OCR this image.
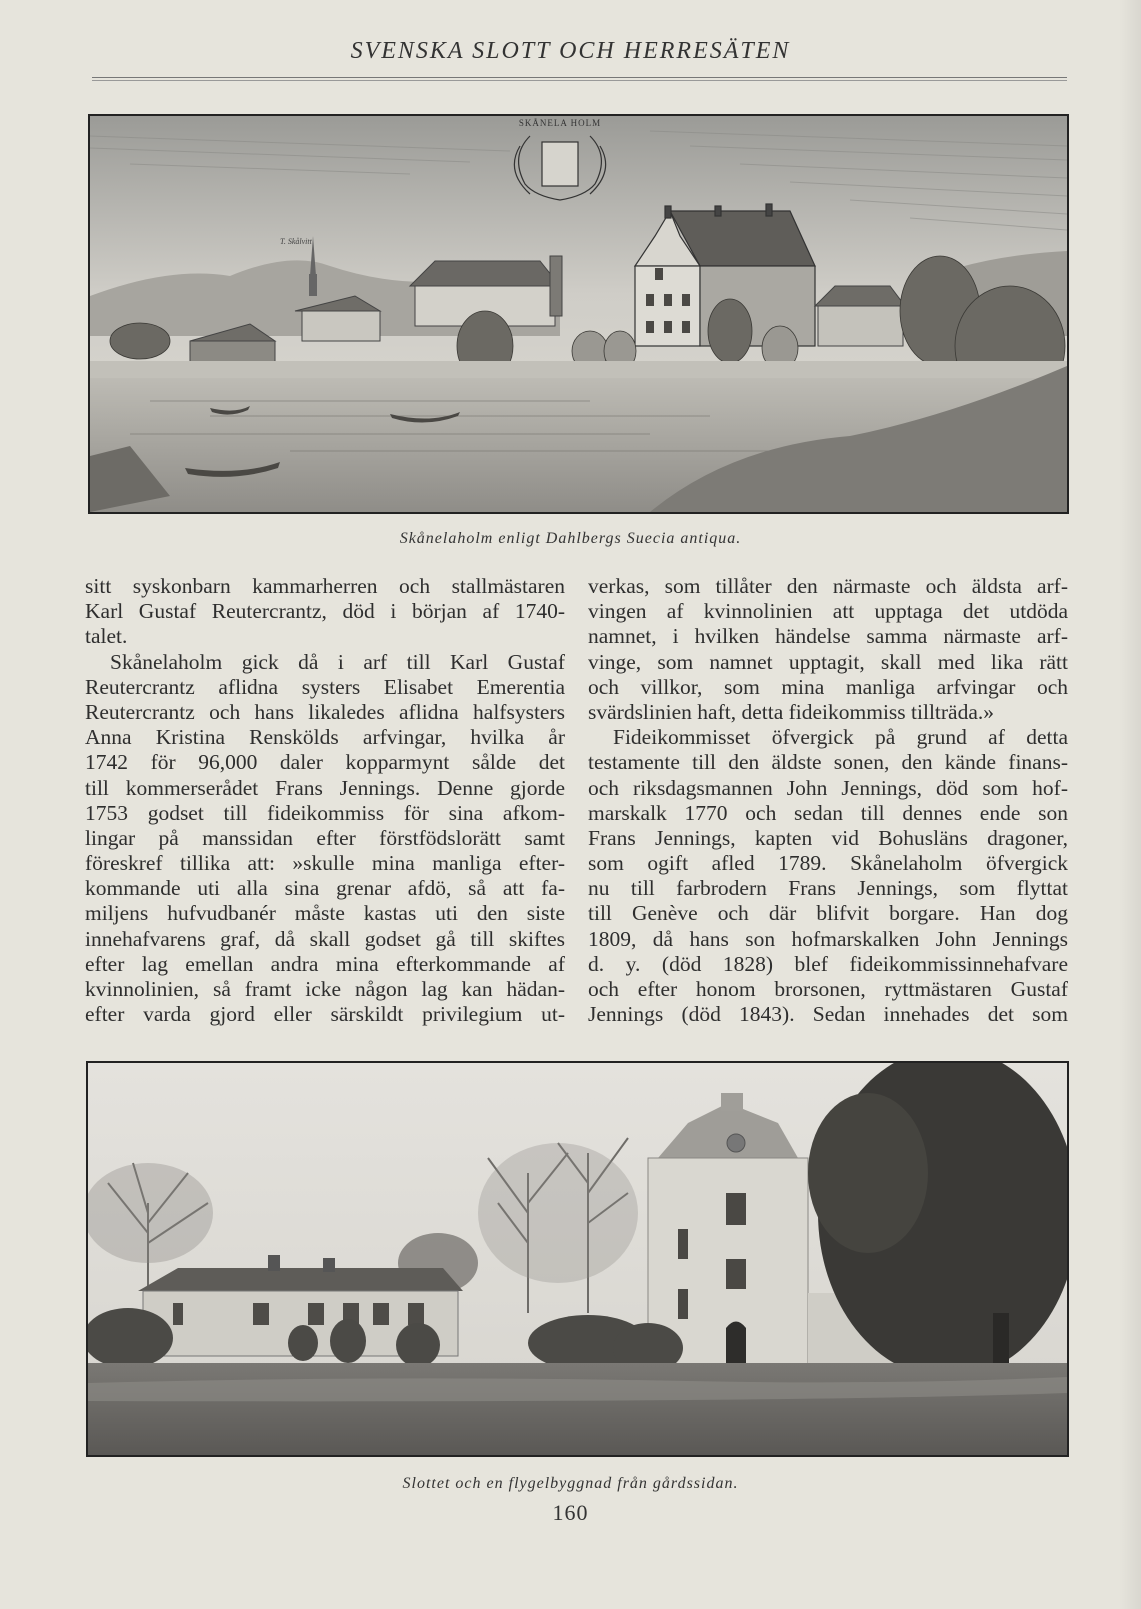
SVENSKA SLOTT OCH HERRESÄTEN
T. Skålvitt
SKÅNELA HOLM
Skånelaholm enligt Dahlbergs Suecia antiqua.
sitt syskonbarn kammarherren och stallmästaren
Karl Gustaf Reutercrantz, död i början af 1740-
talet.
Skånelaholm gick då i arf till Karl Gustaf
Reutercrantz aflidna systers Elisabet Emerentia
Reutercrantz och hans likaledes aflidna halfsysters
Anna Kristina Renskölds arfvingar, hvilka år
1742 för 96,000 daler kopparmynt sålde det
till kommerserådet Frans Jennings. Denne gjorde
1753 godset till fideikommiss för sina afkom-
lingar på manssidan efter förstfödslorätt samt
föreskref tillika att: »skulle mina manliga efter-
kommande uti alla sina grenar afdö, så att fa-
miljens hufvudbanér måste kastas uti den siste
innehafvarens graf, då skall godset gå till skiftes
efter lag emellan andra mina efterkommande af
kvinnolinien, så framt icke någon lag kan hädan-
efter varda gjord eller särskildt privilegium ut-
verkas, som tillåter den närmaste och äldsta arf-
vingen af kvinnolinien att upptaga det utdöda
namnet, i hvilken händelse samma närmaste arf-
vinge, som namnet upptagit, skall med lika rätt
och villkor, som mina manliga arfvingar och
svärdslinien haft, detta fideikommiss tillträda.»
Fideikommisset öfvergick på grund af detta
testamente till den äldste sonen, den kände finans-
och riksdagsmannen John Jennings, död som hof-
marskalk 1770 och sedan till dennes ende son
Frans Jennings, kapten vid Bohusläns dragoner,
som ogift afled 1789. Skånelaholm öfvergick
nu till farbrodern Frans Jennings, som flyttat
till Genève och där blifvit borgare. Han dog
1809, då hans son hofmarskalken John Jennings
d. y. (död 1828) blef fideikommissinnehafvare
och efter honom brorsonen, ryttmästaren Gustaf
Jennings (död 1843). Sedan innehades det som
Slottet och en flygelbyggnad från gårdssidan.
160
